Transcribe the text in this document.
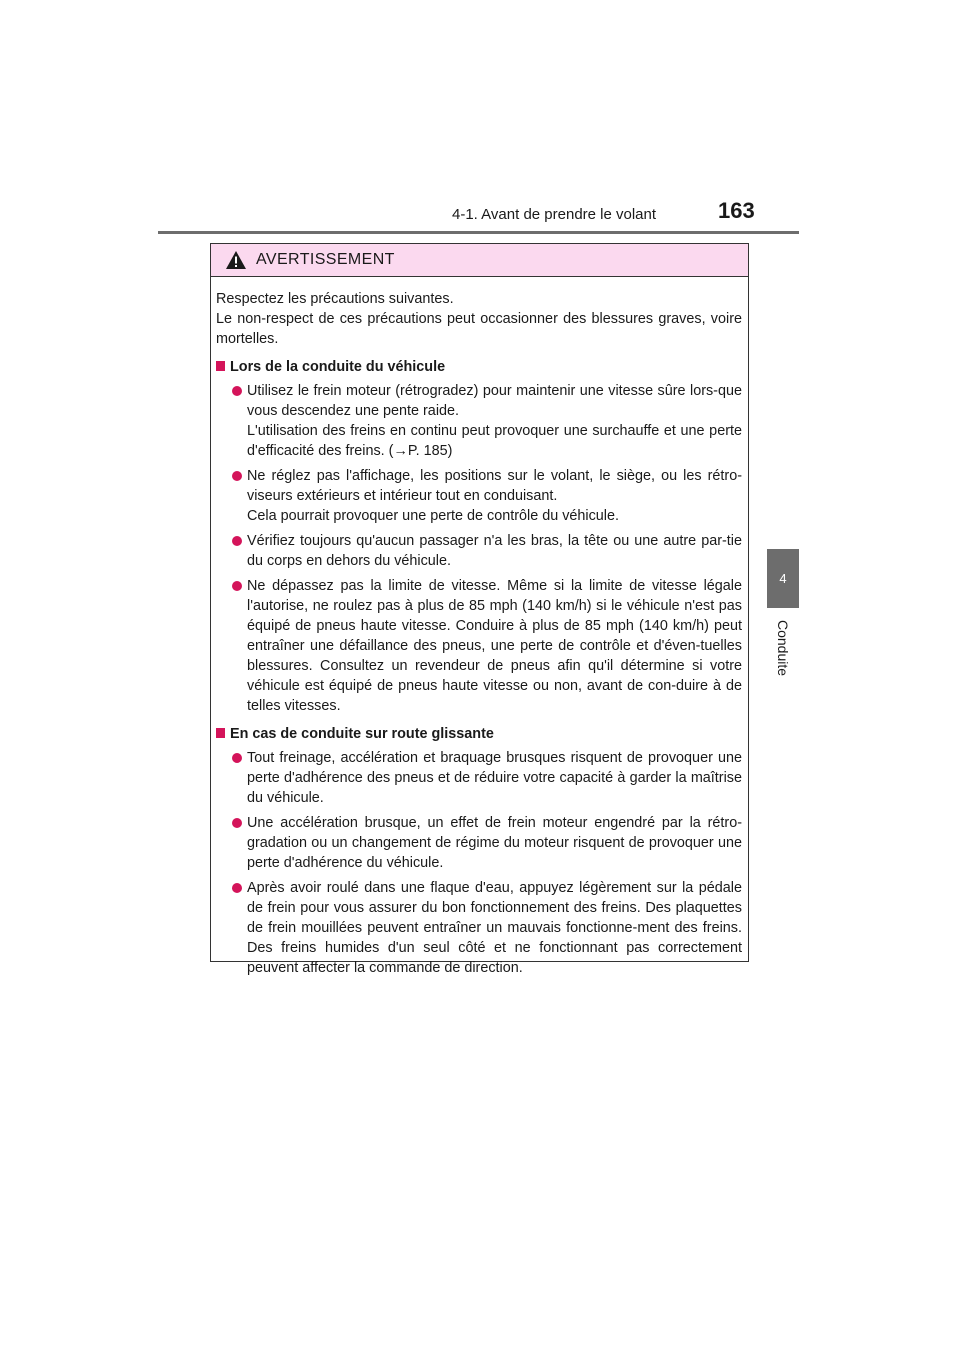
4-1. Avant de prendre le volant	163
4
Conduite
AVERTISSEMENT

Respectez les précautions suivantes.

Le non-respect de ces précautions peut occasionner des blessures graves, voire mortelles.

Lors de la conduite du véhicule

Utilisez le frein moteur (rétrogradez) pour maintenir une vitesse sûre lors-que vous descendez une pente raide.

L'utilisation des freins en continu peut provoquer une surchauffe et une perte d'efficacité des freins. (→P. 185)

Ne réglez pas l'affichage, les positions sur le volant, le siège, ou les rétro-viseurs extérieurs et intérieur tout en conduisant.

Cela pourrait provoquer une perte de contrôle du véhicule.

Vérifiez toujours qu'aucun passager n'a les bras, la tête ou une autre par-tie du corps en dehors du véhicule.

Ne dépassez pas la limite de vitesse. Même si la limite de vitesse légale l'autorise, ne roulez pas à plus de 85 mph (140 km/h) si le véhicule n'est pas équipé de pneus haute vitesse. Conduire à plus de 85 mph (140 km/h) peut entraîner une défaillance des pneus, une perte de contrôle et d'éven-tuelles blessures. Consultez un revendeur de pneus afin qu'il détermine si votre véhicule est équipé de pneus haute vitesse ou non, avant de con-duire à de telles vitesses.

En cas de conduite sur route glissante

Tout freinage, accélération et braquage brusques risquent de provoquer une perte d'adhérence des pneus et de réduire votre capacité à garder la maîtrise du véhicule.

Une accélération brusque, un effet de frein moteur engendré par la rétro-gradation ou un changement de régime du moteur risquent de provoquer une perte d'adhérence du véhicule.

Après avoir roulé dans une flaque d'eau, appuyez légèrement sur la pédale de frein pour vous assurer du bon fonctionnement des freins. Des plaquettes de frein mouillées peuvent entraîner un mauvais fonctionne-ment des freins. Des freins humides d'un seul côté et ne fonctionnant pas correctement peuvent affecter la commande de direction.
